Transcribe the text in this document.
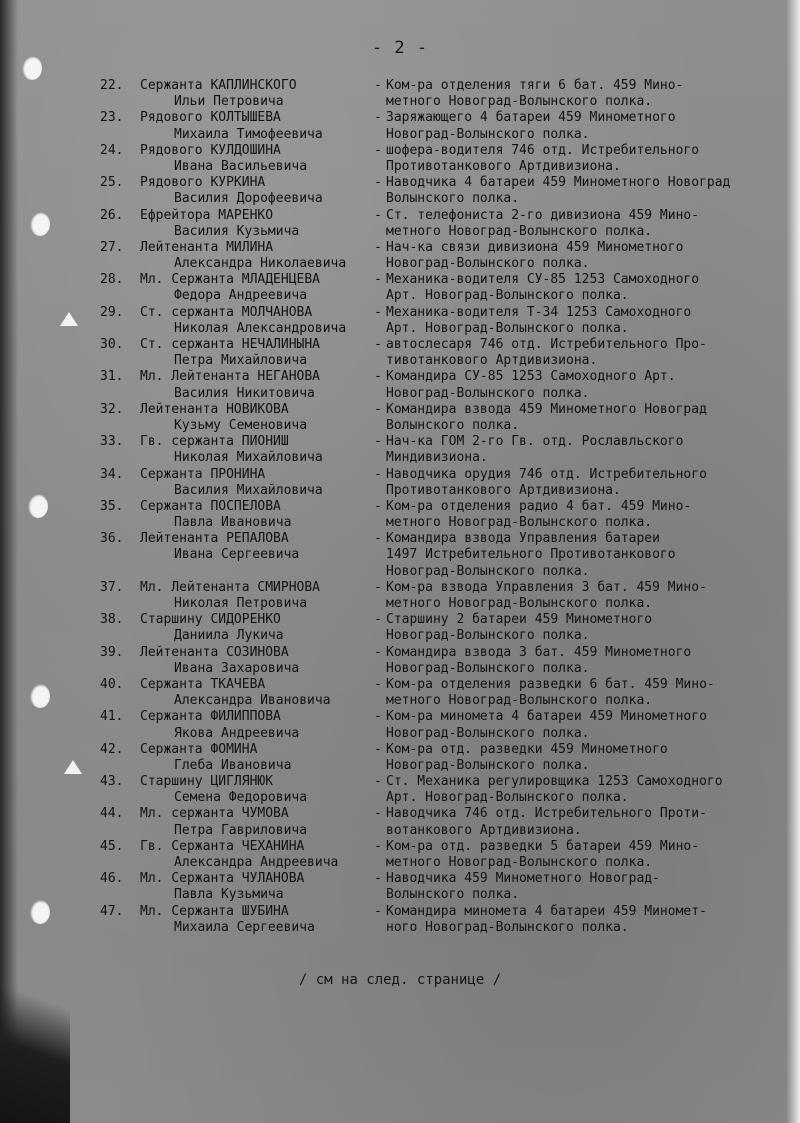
- 2 -
22.	Сержанта КАПЛИНСКОГО	- Ком-ра отделения тяги 6 бат. 459 Мино-
Ильи Петровича	метного Новоград-Волынского полка.
23.	Рядового КОЛТЫШЕВА	- Заряжающего 4 батареи 459 Минометного
Михаила Тимофеевича	Новоград-Волынского полка.
24.	Рядового КУЛДОШИНА	- шофера-водителя 746 отд. Истребительного
Ивана Васильевича	Противотанкового Артдивизиона.
25.	Рядового КУРКИНА	- Наводчика 4 батареи 459 Минометного Новоград
Василия Дорофеевича	Волынского полка.
26.	Ефрейтора МАРЕНКО	- Ст. телефониста 2-го дивизиона 459 Мино-
Василия Кузьмича	метного Новоград-Волынского полка.
27.	Лейтенанта МИЛИНА	- Нач-ка связи дивизиона 459 Минометного
Александра Николаевича	Новоград-Волынского полка.
28.	Мл. Сержанта МЛАДЕНЦЕВА	- Механика-водителя СУ-85 1253 Самоходного
Федора Андреевича	Арт. Новоград-Волынского полка.
29.	Ст. сержанта МОЛЧАНОВА	- Механика-водителя Т-34 1253 Самоходного
Николая Александровича	Арт. Новоград-Волынского полка.
30.	Ст. сержанта НЕЧАЛИНЫНА	- автослесаря 746 отд. Истребительного Про-
Петра Михайловича	тивотанкового Артдивизиона.
31.	Мл. Лейтенанта НЕГАНОВА	- Командира СУ-85 1253 Самоходного Арт.
Василия Никитовича	Новоград-Волынского полка.
32.	Лейтенанта НОВИКОВА	- Командира взвода 459 Минометного Новоград
Кузьму Семеновича	Волынского полка.
33.	Гв. сержанта ПИОНИШ	- Нач-ка ГОМ 2-го Гв. отд. Рославльского
Николая Михайловича	Миндивизиона.
34.	Сержанта ПРОНИНА	- Наводчика орудия 746 отд. Истребительного
Василия Михайловича	Противотанкового Артдивизиона.
35.	Сержанта ПОСПЕЛОВА	- Ком-ра отделения радио 4 бат. 459 Мино-
Павла Ивановича	метного Новоград-Волынского полка.
36.	Лейтенанта РЕПАЛОВА	- Командира взвода Управления батареи
Ивана Сергеевича	1497 Истребительного Противотанкового
Новоград-Волынского полка.
37.	Мл. Лейтенанта СМИРНОВА	- Ком-ра взвода Управления 3 бат. 459 Мино-
Николая Петровича	метного Новоград-Волынского полка.
38.	Старшину СИДОРЕНКО	- Старшину 2 батареи 459 Минометного
Даниила Лукича	Новоград-Волынского полка.
39.	Лейтенанта СОЗИНОВА	- Командира взвода 3 бат. 459 Минометного
Ивана Захаровича	Новоград-Волынского полка.
40.	Сержанта ТКАЧЕВА	- Ком-ра отделения разведки 6 бат. 459 Мино-
Александра Ивановича	метного Новоград-Волынского полка.
41.	Сержанта ФИЛИППОВА	- Ком-ра миномета 4 батареи 459 Минометного
Якова Андреевича	Новоград-Волынского полка.
42.	Сержанта ФОМИНА	- Ком-ра отд. разведки 459 Минометного
Глеба Ивановича	Новоград-Волынского полка.
43.	Старшину ЦИГЛЯНЮК	- Ст. Механика регулировщика 1253 Самоходного
Семена Федоровича	Арт. Новоград-Волынского полка.
44.	Мл. сержанта ЧУМОВА	- Наводчика 746 отд. Истребительного Проти-
Петра Гавриловича	вотанкового Артдивизиона.
45.	Гв. Сержанта ЧЕХАНИНА	- Ком-ра отд. разведки 5 батареи 459 Мино-
Александра Андреевича	метного Новоград-Волынского полка.
46.	Мл. Сержанта ЧУЛАНОВА	- Наводчика 459 Минометного Новоград-
Павла Кузьмича	Волынского полка.
47.	Мл. Сержанта ШУБИНА	- Командира миномета 4 батареи 459 Миномет-
Михаила Сергеевича	ного Новоград-Волынского полка.
/ см на след. странице /
